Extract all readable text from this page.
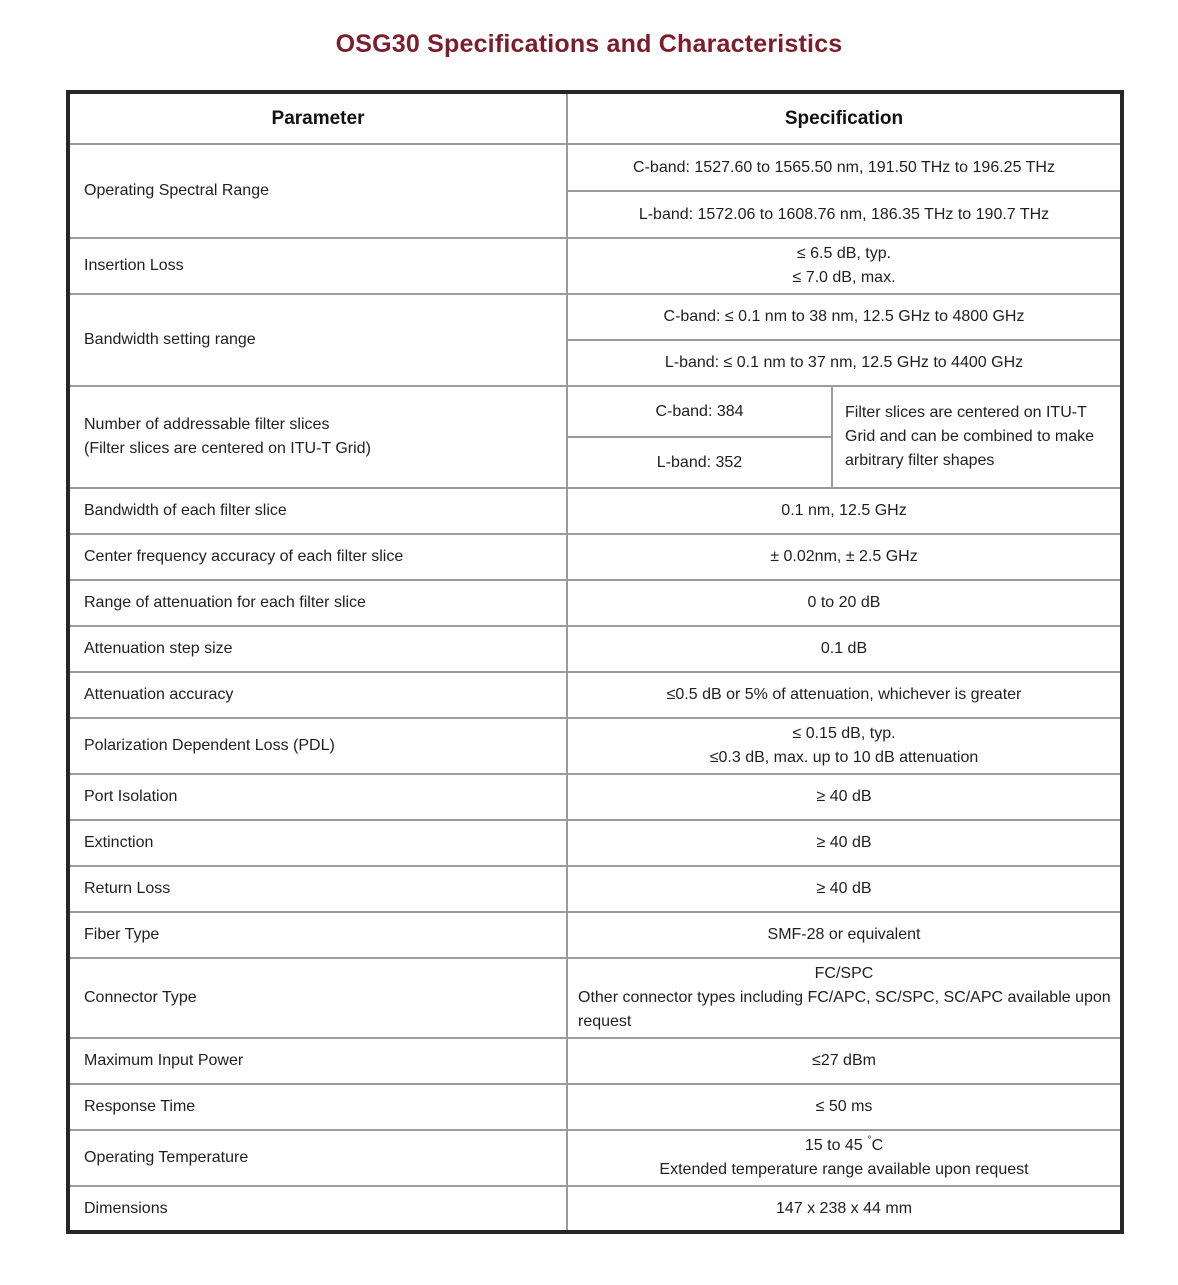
OSG30 Specifications and Characteristics
Parameter	Specification	
Operating Spectral Range	C-band: 1527.60 to 1565.50 nm, 191.50 THz to 196.25 THz	
	L-band: 1572.06 to 1608.76 nm, 186.35 THz to 190.7 THz	
Insertion Loss	≤ 6.5 dB, typ.
≤ 7.0 dB, max.	

Bandwidth setting range	C-band: ≤ 0.1 nm to 38 nm, 12.5 GHz to 4800 GHz	
	L-band: ≤ 0.1 nm to 37 nm, 12.5 GHz to 4400 GHz	

Number of addressable filter slices
(Filter slices are centered on ITU-T Grid)	C-band: 384	Filter slices are centered on ITU-T Grid and can be combined to make arbitrary filter shapes
	L-band: 352	
Bandwidth of each filter slice	0.1 nm, 12.5 GHz	
Center frequency accuracy of each filter slice	± 0.02nm, ± 2.5 GHz	
Range of attenuation for each filter slice	0 to 20 dB	
Attenuation step size	0.1 dB	
Attenuation accuracy	≤0.5 dB or 5% of attenuation, whichever is greater	
Polarization Dependent Loss (PDL)	≤ 0.15 dB, typ.
≤0.3 dB, max. up to 10 dB attenuation	

Port Isolation	≥ 40 dB	
Extinction	≥ 40 dB	
Return Loss	≥ 40 dB	
Fiber Type	SMF-28 or equivalent	
Connector Type	FC/SPC
Other connector types including FC/APC, SC/SPC, SC/APC available upon request	

Maximum Input Power	≤27 dBm	
Response Time	≤ 50 ms	
Operating Temperature	15 to 45 °C
Extended temperature range available upon request	

Dimensions	147 x 238 x 44 mm	
